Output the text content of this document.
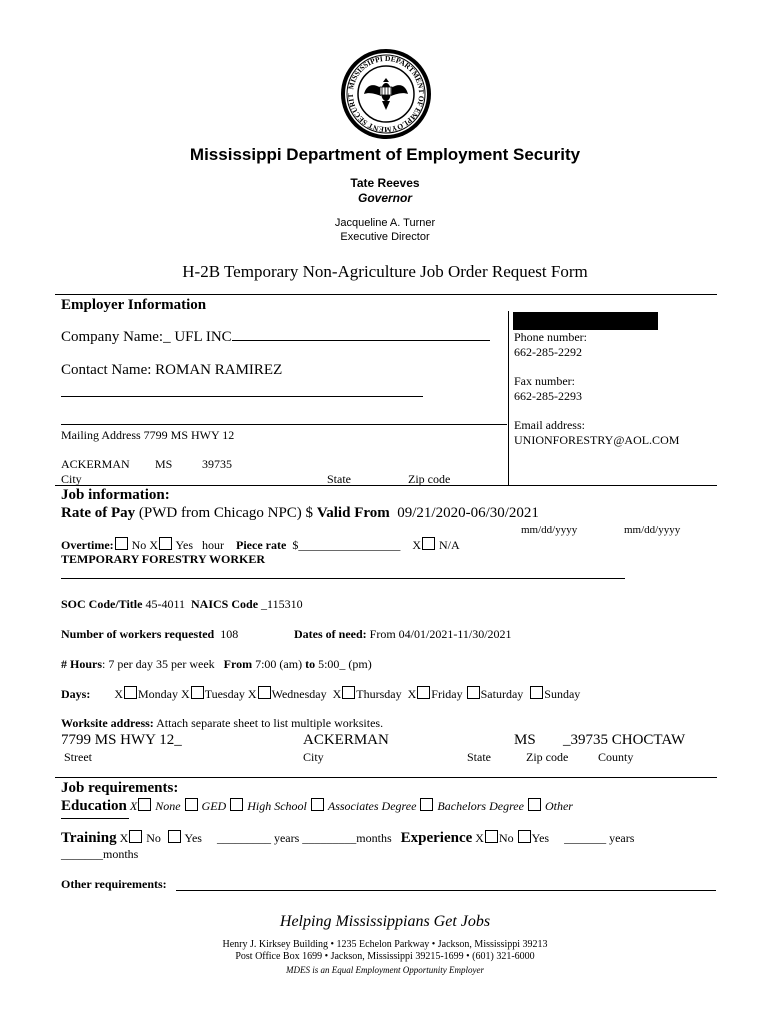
MISSISSIPPI DEPARTMENT OF EMPLOYMENT SECURIT
Mississippi Department of Employment Security
Tate Reeves
Governor
Jacqueline A. Turner
Executive Director
H-2B Temporary Non-Agriculture Job Order Request Form
Employer Information
Company Name:_ UFL INC
Contact Name: ROMAN RAMIREZ
Mailing Address 7799 MS HWY 12
ACKERMAN MS 39735
City	State	Zip code
Phone number:
662-285-2292
Fax number:
662-285-2293
Email address:
UNIONFORESTRY@AOL.COM
Job information:
Rate of Pay (PWD from Chicago NPC) $ Valid From 09/21/2020-06/30/2021
mm/dd/yyyy	mm/dd/yyyy
Overtime: No X Yes hour Piece rate $_________________ X N/A
TEMPORARY FORESTRY WORKER
SOC Code/Title 45-4011 NAICS Code _115310
Number of workers requested 108	Dates of need: From 04/01/2021-11/30/2021
# Hours: 7 per day 35 per week From 7:00 (am) to 5:00_ (pm)
Days: X Monday X Tuesday X Wednesday X Thursday X Friday Saturday Sunday
Worksite address: Attach separate sheet to list multiple worksites.
7799 MS HWY 12_	ACKERMAN	MS _39735 CHOCTAW
Street	City	State	Zip code County
Job requirements:
Education X None GED High School Associates Degree Bachelors Degree Other
Training X No Yes _________ years _________months Experience X No Yes _______ years
_______months
Other requirements:
Helping Mississippians Get Jobs
Henry J. Kirksey Building • 1235 Echelon Parkway • Jackson, Mississippi 39213
Post Office Box 1699 • Jackson, Mississippi 39215-1699 • (601) 321-6000
MDES is an Equal Employment Opportunity Employer
